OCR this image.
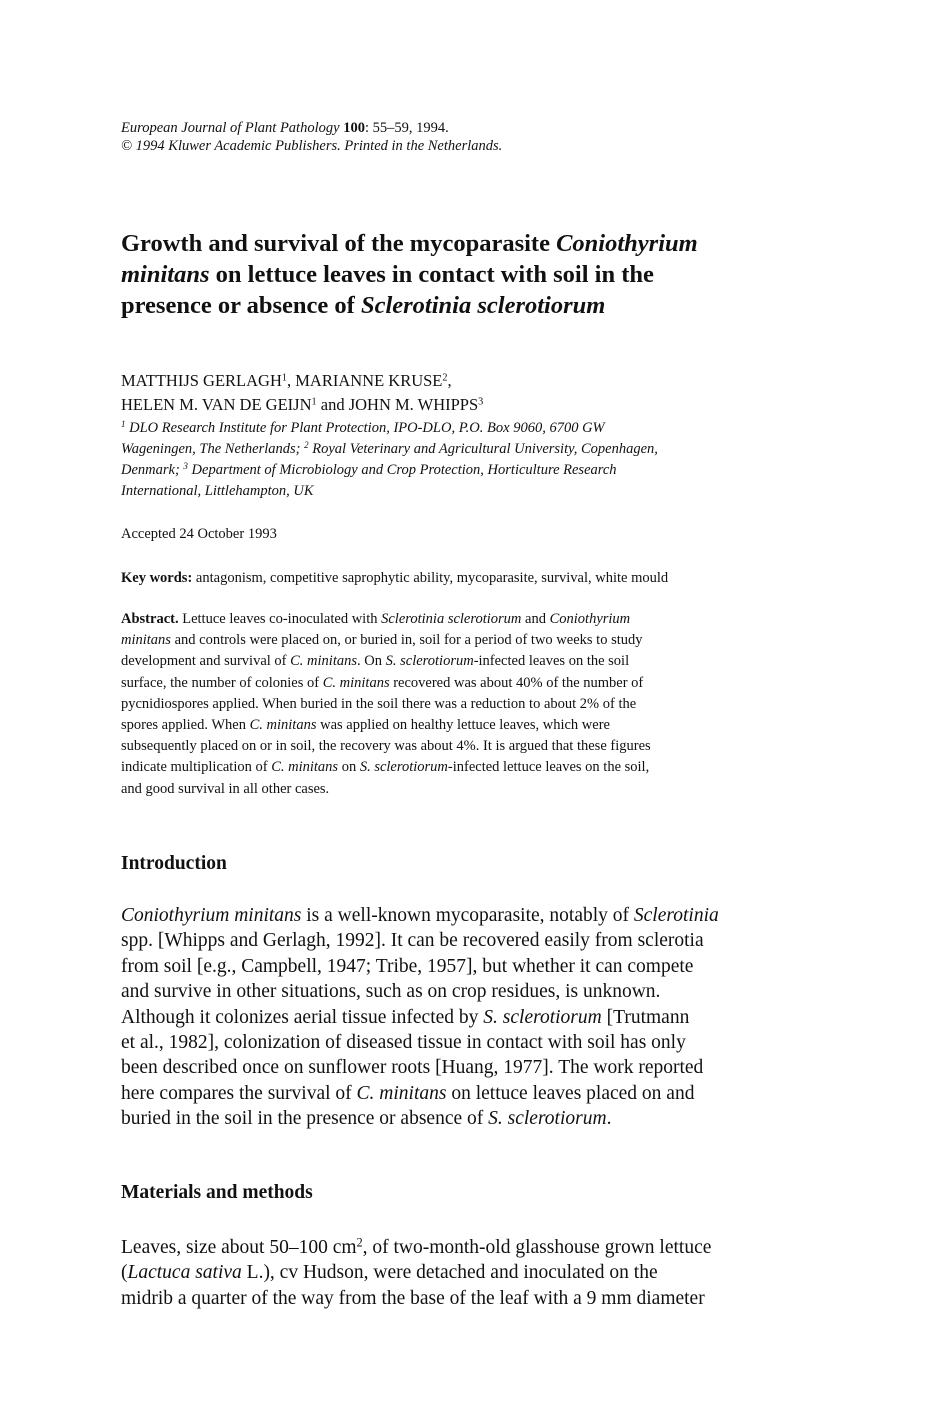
European Journal of Plant Pathology 100: 55–59, 1994.
© 1994 Kluwer Academic Publishers. Printed in the Netherlands.
Growth and survival of the mycoparasite Coniothyrium
minitans on lettuce leaves in contact with soil in the
presence or absence of Sclerotinia sclerotiorum
MATTHIJS GERLAGH$^1$, MARIANNE KRUSE$^2$,
HELEN M. VAN DE GEIJN$^1$ and JOHN M. WHIPPS$^3$
$^1$ DLO Research Institute for Plant Protection, IPO-DLO, P.O. Box 9060, 6700 GW
Wageningen, The Netherlands; $^2$ Royal Veterinary and Agricultural University, Copenhagen,
Denmark; $^3$ Department of Microbiology and Crop Protection, Horticulture Research
International, Littlehampton, UK
Accepted 24 October 1993
Key words: antagonism, competitive saprophytic ability, mycoparasite, survival, white mould
Abstract. Lettuce leaves co-inoculated with Sclerotinia sclerotiorum and Coniothyrium
minitans and controls were placed on, or buried in, soil for a period of two weeks to study
development and survival of C. minitans. On S. sclerotiorum-infected leaves on the soil
surface, the number of colonies of C. minitans recovered was about 40% of the number of
pycnidiospores applied. When buried in the soil there was a reduction to about 2% of the
spores applied. When C. minitans was applied on healthy lettuce leaves, which were
subsequently placed on or in soil, the recovery was about 4%. It is argued that these figures
indicate multiplication of C. minitans on S. sclerotiorum-infected lettuce leaves on the soil,
and good survival in all other cases.
Introduction
Coniothyrium minitans is a well-known mycoparasite, notably of Sclerotinia
spp. [Whipps and Gerlagh, 1992]. It can be recovered easily from sclerotia
from soil [e.g., Campbell, 1947; Tribe, 1957], but whether it can compete
and survive in other situations, such as on crop residues, is unknown.
Although it colonizes aerial tissue infected by S. sclerotiorum [Trutmann
et al., 1982], colonization of diseased tissue in contact with soil has only
been described once on sunflower roots [Huang, 1977]. The work reported
here compares the survival of C. minitans on lettuce leaves placed on and
buried in the soil in the presence or absence of S. sclerotiorum.
Materials and methods
Leaves, size about 50–100 $cm^2$, of two-month-old glasshouse grown lettuce
(Lactuca sativa L.), cv Hudson, were detached and inoculated on the
midrib a quarter of the way from the base of the leaf with a 9 mm diameter
